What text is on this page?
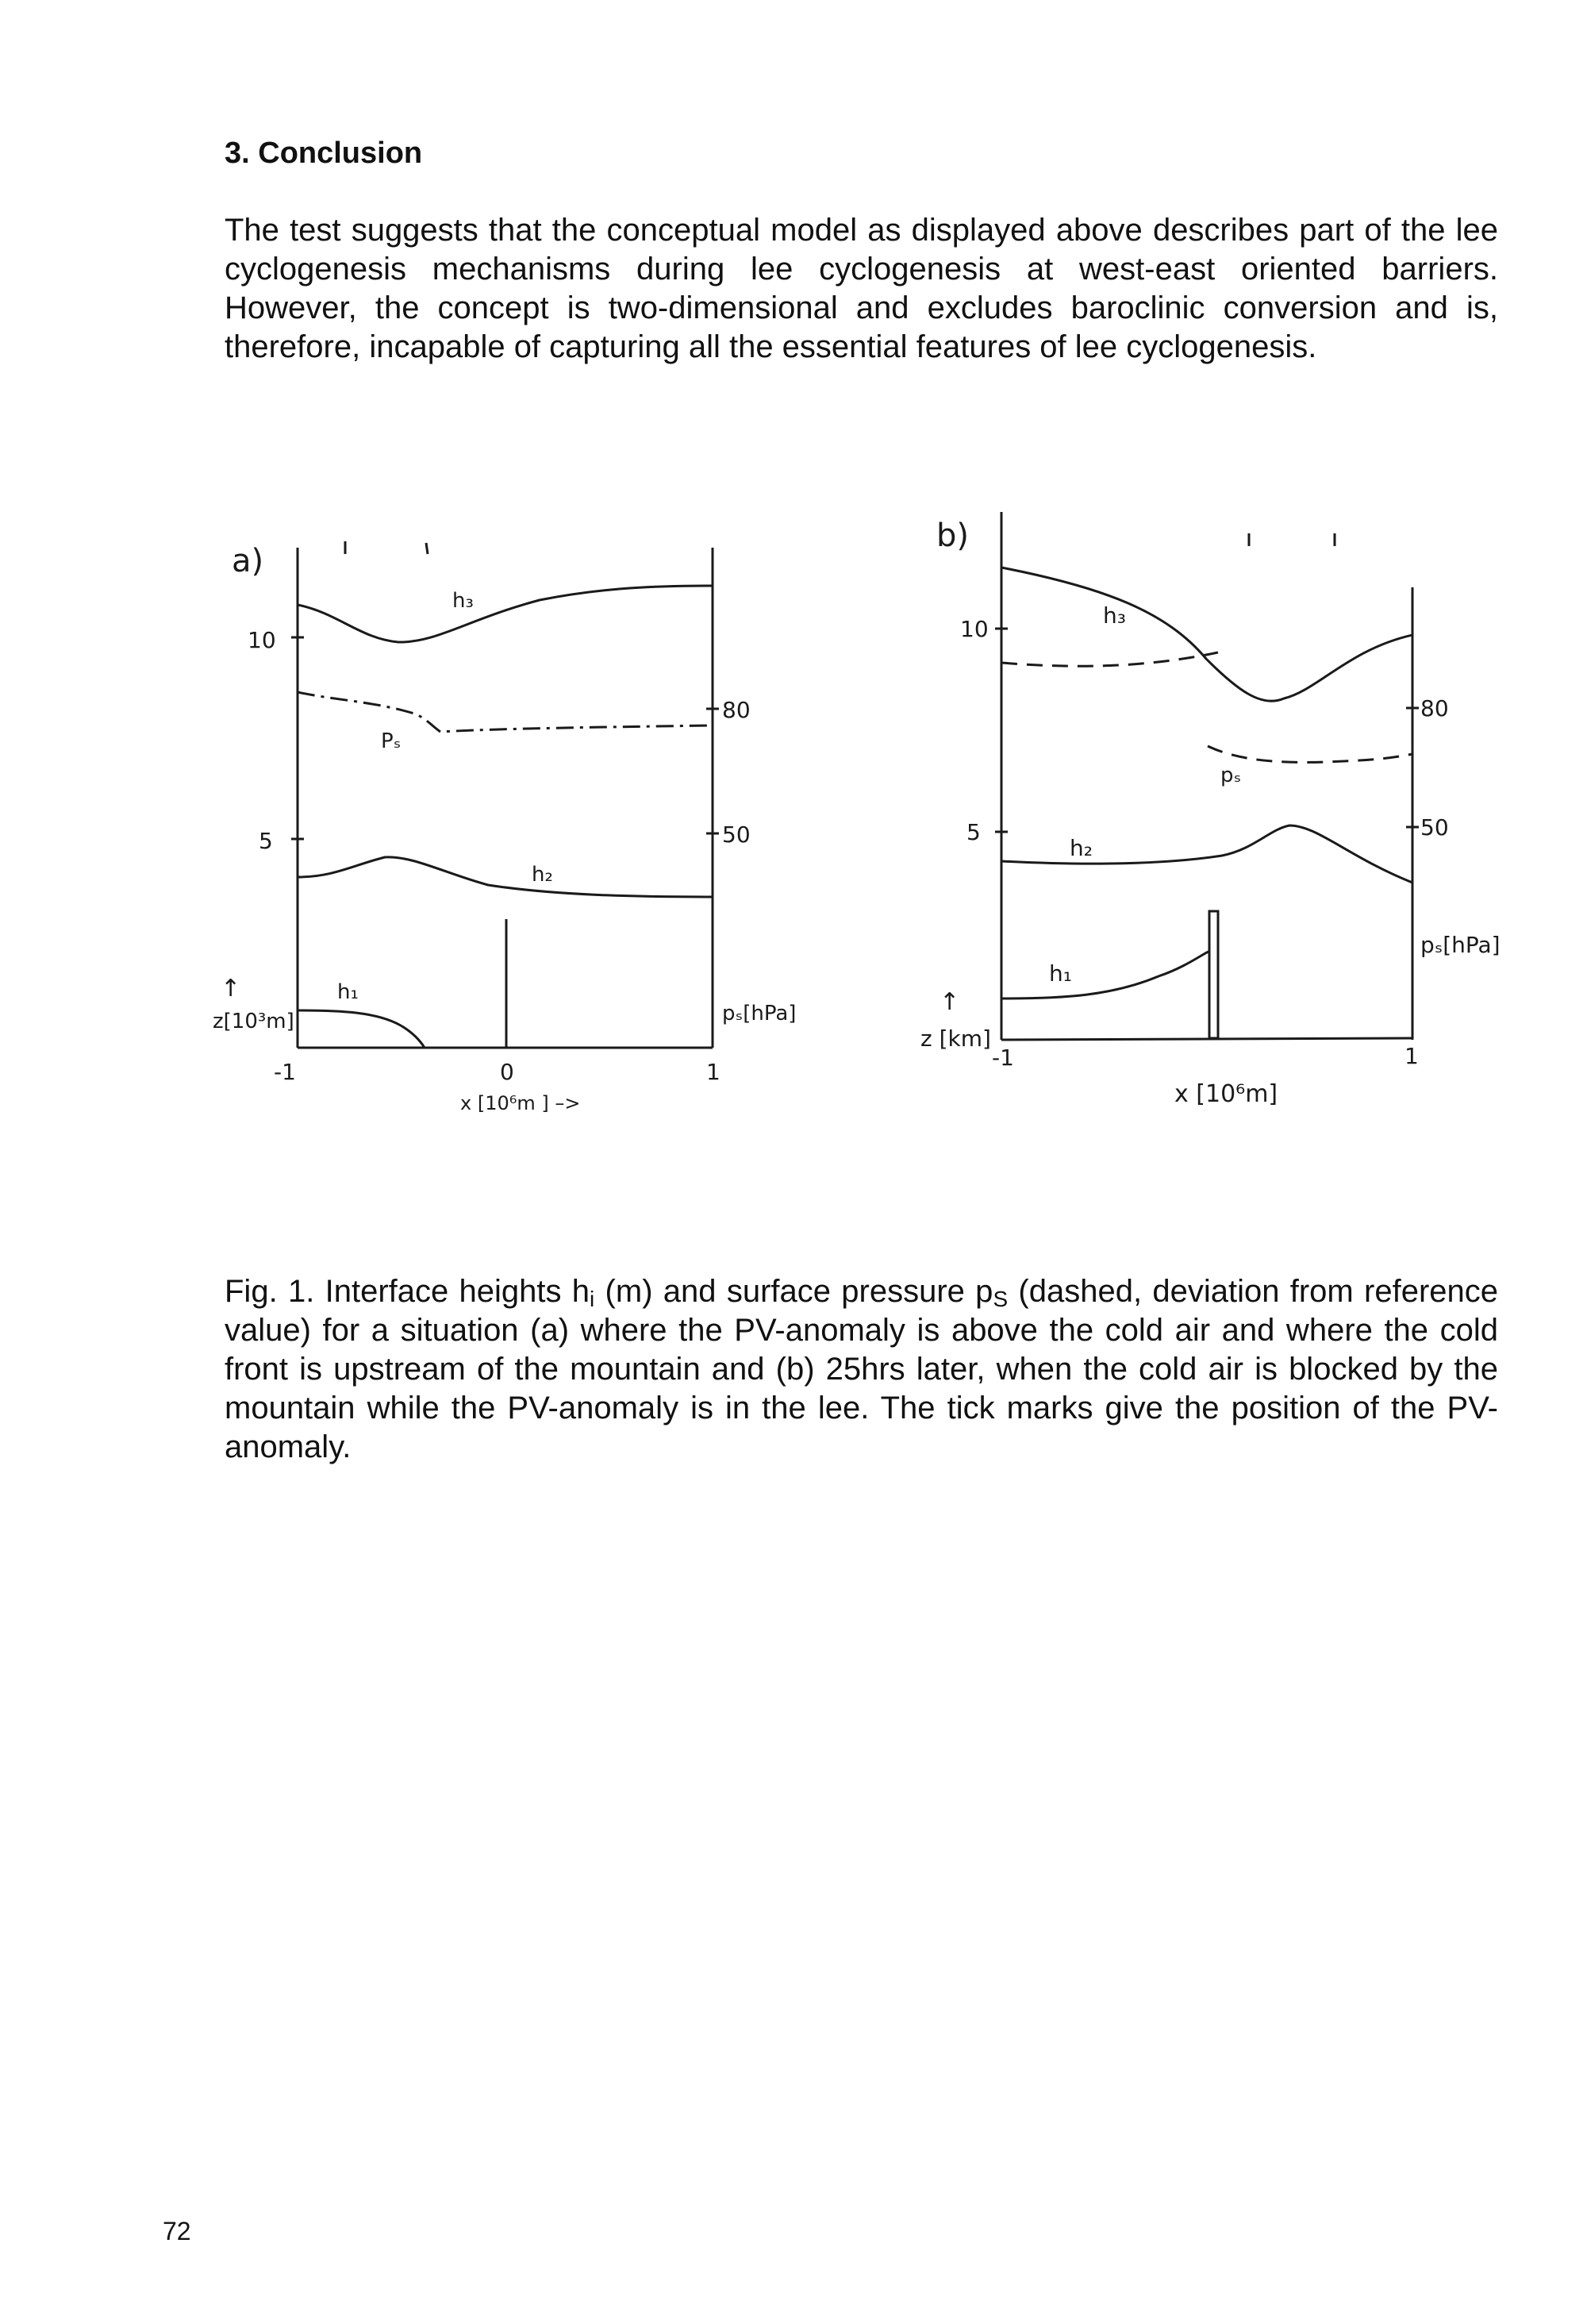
3. Conclusion

The test suggests that the conceptual model as displayed above describes part of the lee cyclogenesis mechanisms during lee cyclogenesis at west-east oriented barriers. However, the concept is two-dimensional and excludes baroclinic conversion and is, therefore, incapable of capturing all the essential features of lee cyclogenesis.

a)
10
5
80
50
h₃
Pₛ
h₂
h₁
↑
z[10³m]	pₛ[hPa]
-1	0	1
x [10⁶m ] –>
b)
10
5
80
50
h₃
pₛ
h₂
h₁
↑
z [km]
pₛ[hPa]
-1	1
x [10⁶m]

Fig. 1. Interface heights $h_i$ (m) and surface pressure $p_S$ (dashed, deviation from reference value) for a situation (a) where the PV-anomaly is above the cold air and where the cold front is upstream of the mountain and (b) 25hrs later, when the cold air is blocked by the mountain while the PV-anomaly is in the lee. The tick marks give the position of the PV-anomaly.

72
